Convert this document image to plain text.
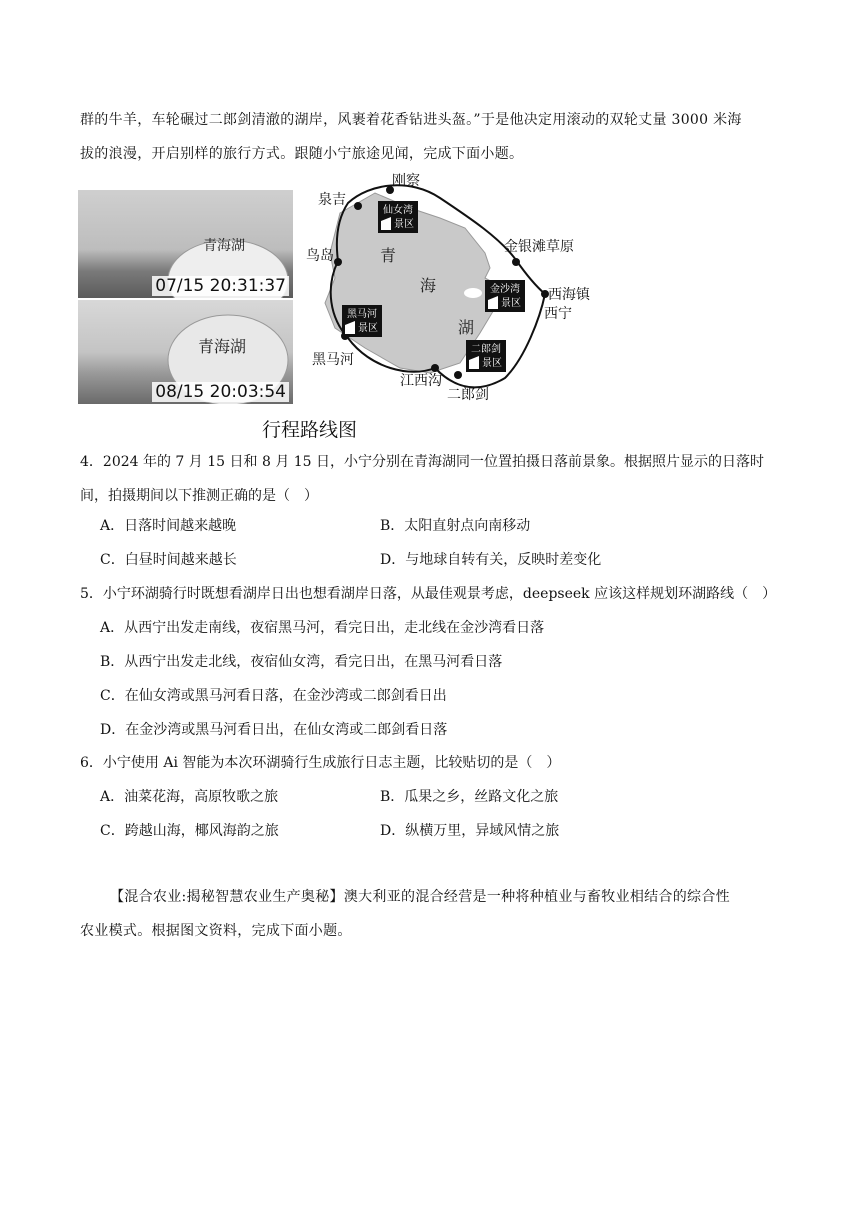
群的牛羊，车轮碾过二郎剑清澈的湖岸，风裹着花香钻进头盔。”于是他决定用滚动的双轮丈量 3000 米海
拔的浪漫，开启别样的旅行方式。跟随小宁旅途见闻，完成下面小题。
青海湖
07/15 20:31:37
青海湖
08/15 20:03:54
刚察
泉吉
鸟岛
金银滩草原
西海镇
西宁
黑马河
江西沟
二郎剑
青
海
湖
仙女湾
景区
金沙湾
景区
黑马河
景区
二郎剑
景区
行程路线图
4．2024 年的 7 月 15 日和 8 月 15 日，小宁分别在青海湖同一位置拍摄日落前景象。根据照片显示的日落时
间，拍摄期间以下推测正确的是（　）
A．日落时间越来越晚	B．太阳直射点向南移动
C．白昼时间越来越长	D．与地球自转有关，反映时差变化
5．小宁环湖骑行时既想看湖岸日出也想看湖岸日落，从最佳观景考虑，deepseek 应该这样规划环湖路线（　）
A．从西宁出发走南线，夜宿黑马河，看完日出，走北线在金沙湾看日落
B．从西宁出发走北线，夜宿仙女湾，看完日出，在黑马河看日落
C．在仙女湾或黑马河看日落，在金沙湾或二郎剑看日出
D．在金沙湾或黑马河看日出，在仙女湾或二郎剑看日落
6．小宁使用 Ai 智能为本次环湖骑行生成旅行日志主题，比较贴切的是（　）
A．油菜花海，高原牧歌之旅	B．瓜果之乡，丝路文化之旅
C．跨越山海，椰风海韵之旅	D．纵横万里，异域风情之旅
【混合农业:揭秘智慧农业生产奥秘】澳大利亚的混合经营是一种将种植业与畜牧业相结合的综合性
农业模式。根据图文资料，完成下面小题。
